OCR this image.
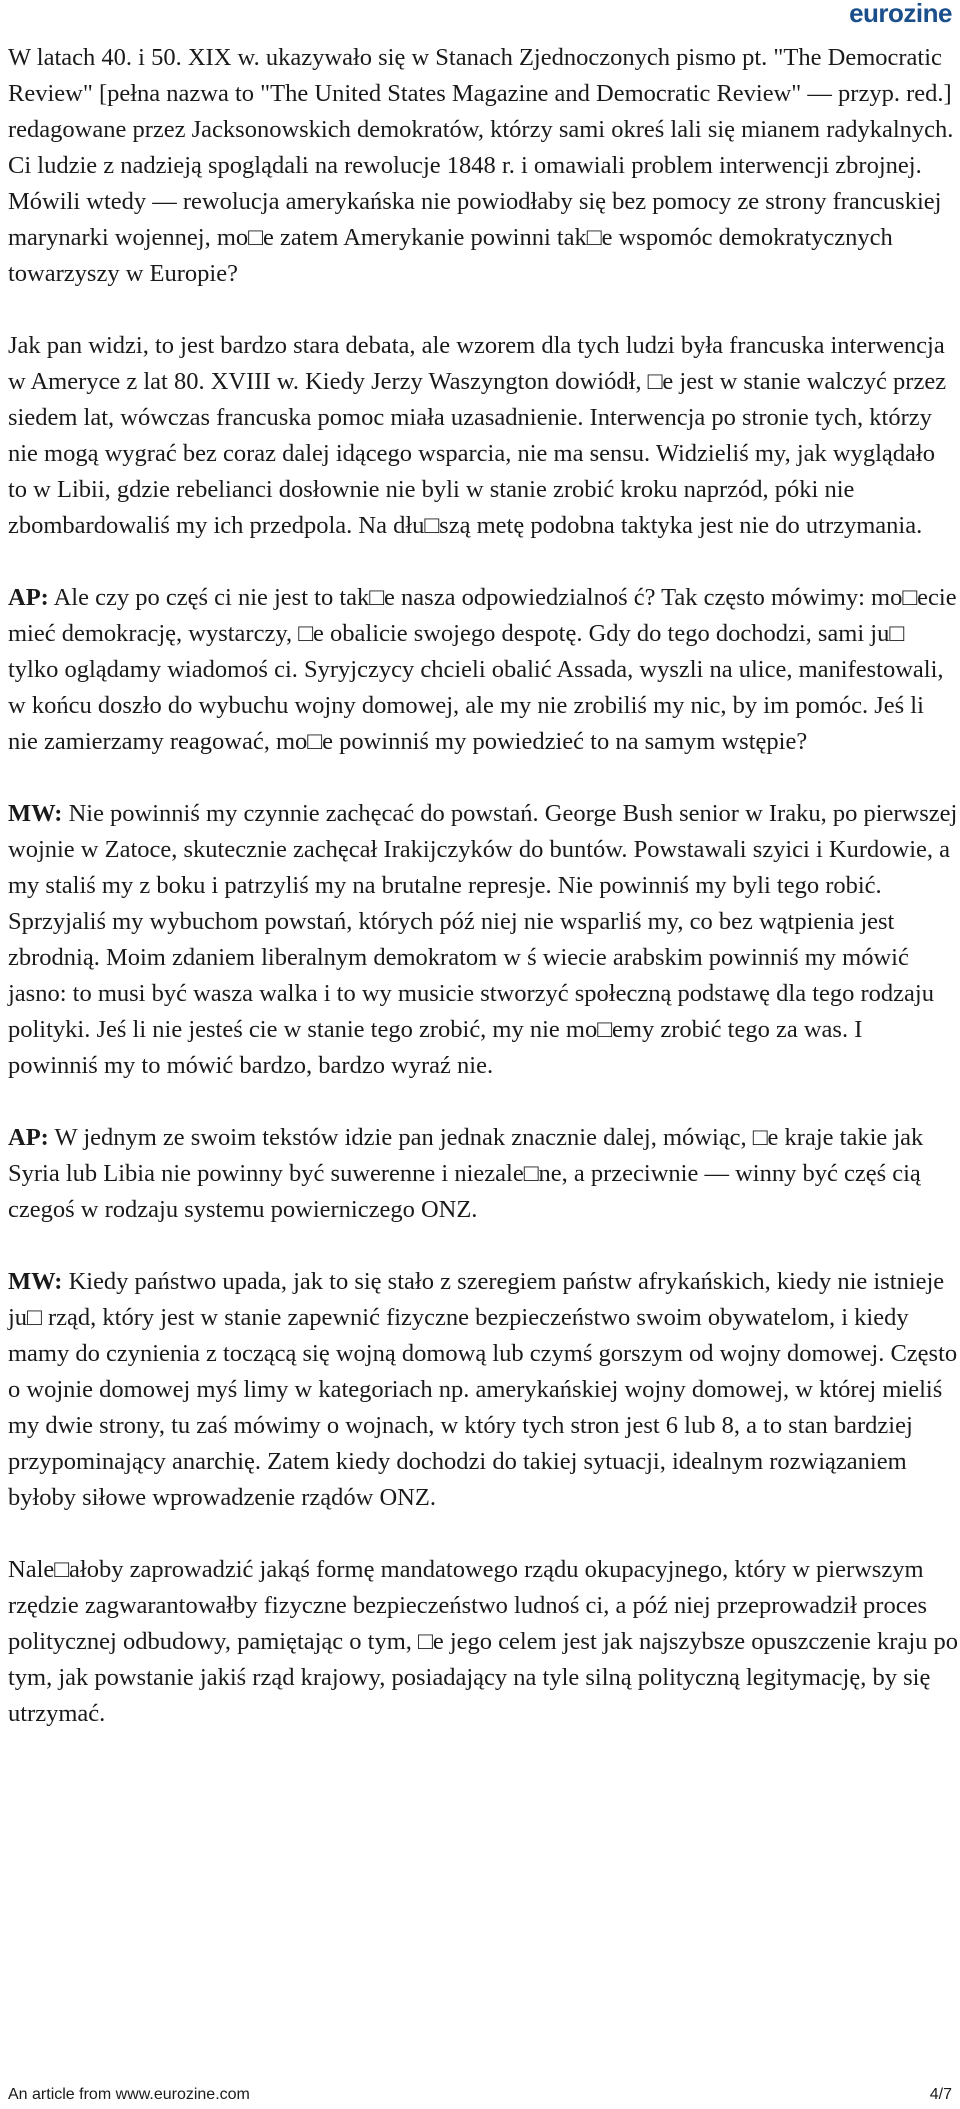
eurozine

W latach 40. i 50. XIX w. ukazywało się w Stanach Zjednoczonych pismo pt. "The Democratic Review" [pełna nazwa to "The United States Magazine and Democratic Review" — przyp. red.] redagowane przez Jacksonowskich demokratów, którzy sami okreś lali się mianem radykalnych. Ci ludzie z nadzieją spoglądali na rewolucje 1848 r. i omawiali problem interwencji zbrojnej. Mówili wtedy — rewolucja amerykańska nie powiodłaby się bez pomocy ze strony francuskiej marynarki wojennej, mo□e zatem Amerykanie powinni tak□e wspomóc demokratycznych towarzyszy w Europie?

Jak pan widzi, to jest bardzo stara debata, ale wzorem dla tych ludzi była francuska interwencja w Ameryce z lat 80. XVIII w. Kiedy Jerzy Waszyngton dowiódł, □e jest w stanie walczyć przez siedem lat, wówczas francuska pomoc miała uzasadnienie. Interwencja po stronie tych, którzy nie mogą wygrać bez coraz dalej idącego wsparcia, nie ma sensu. Widzieliś my, jak wyglądało to w Libii, gdzie rebelianci dosłownie nie byli w stanie zrobić kroku naprzód, póki nie zbombardowaliś my ich przedpola. Na dłu□szą metę podobna taktyka jest nie do utrzymania.

AP: Ale czy po częś ci nie jest to tak□e nasza odpowiedzialnoś ć? Tak często mówimy: mo□ecie mieć demokrację, wystarczy, □e obalicie swojego despotę. Gdy do tego dochodzi, sami ju□ tylko oglądamy wiadomoś ci. Syryjczycy chcieli obalić Assada, wyszli na ulice, manifestowali, w końcu doszło do wybuchu wojny domowej, ale my nie zrobiliś my nic, by im pomóc. Jeś li nie zamierzamy reagować, mo□e powinniś my powiedzieć to na samym wstępie?

MW: Nie powinniś my czynnie zachęcać do powstań. George Bush senior w Iraku, po pierwszej wojnie w Zatoce, skutecznie zachęcał Irakijczyków do buntów. Powstawali szyici i Kurdowie, a my staliś my z boku i patrzyliś my na brutalne represje. Nie powinniś my byli tego robić. Sprzyjaliś my wybuchom powstań, których póź niej nie wsparliś my, co bez wątpienia jest zbrodnią. Moim zdaniem liberalnym demokratom w ś wiecie arabskim powinniś my mówić jasno: to musi być wasza walka i to wy musicie stworzyć społeczną podstawę dla tego rodzaju polityki. Jeś li nie jesteś cie w stanie tego zrobić, my nie mo□emy zrobić tego za was. I powinniś my to mówić bardzo, bardzo wyraź nie.

AP: W jednym ze swoim tekstów idzie pan jednak znacznie dalej, mówiąc, □e kraje takie jak Syria lub Libia nie powinny być suwerenne i niezale□ne, a przeciwnie — winny być częś cią czegoś w rodzaju systemu powierniczego ONZ.

MW: Kiedy państwo upada, jak to się stało z szeregiem państw afrykańskich, kiedy nie istnieje ju□ rząd, który jest w stanie zapewnić fizyczne bezpieczeństwo swoim obywatelom, i kiedy mamy do czynienia z toczącą się wojną domową lub czymś gorszym od wojny domowej. Często o wojnie domowej myś limy w kategoriach np. amerykańskiej wojny domowej, w której mieliś my dwie strony, tu zaś mówimy o wojnach, w który tych stron jest 6 lub 8, a to stan bardziej przypominający anarchię. Zatem kiedy dochodzi do takiej sytuacji, idealnym rozwiązaniem byłoby siłowe wprowadzenie rządów ONZ.

Nale□ałoby zaprowadzić jakąś formę mandatowego rządu okupacyjnego, który w pierwszym rzędzie zagwarantowałby fizyczne bezpieczeństwo ludnoś ci, a póź niej przeprowadził proces politycznej odbudowy, pamiętając o tym, □e jego celem jest jak najszybsze opuszczenie kraju po tym, jak powstanie jakiś rząd krajowy, posiadający na tyle silną polityczną legitymację, by się utrzymać.

An article from www.eurozine.com	4/7
